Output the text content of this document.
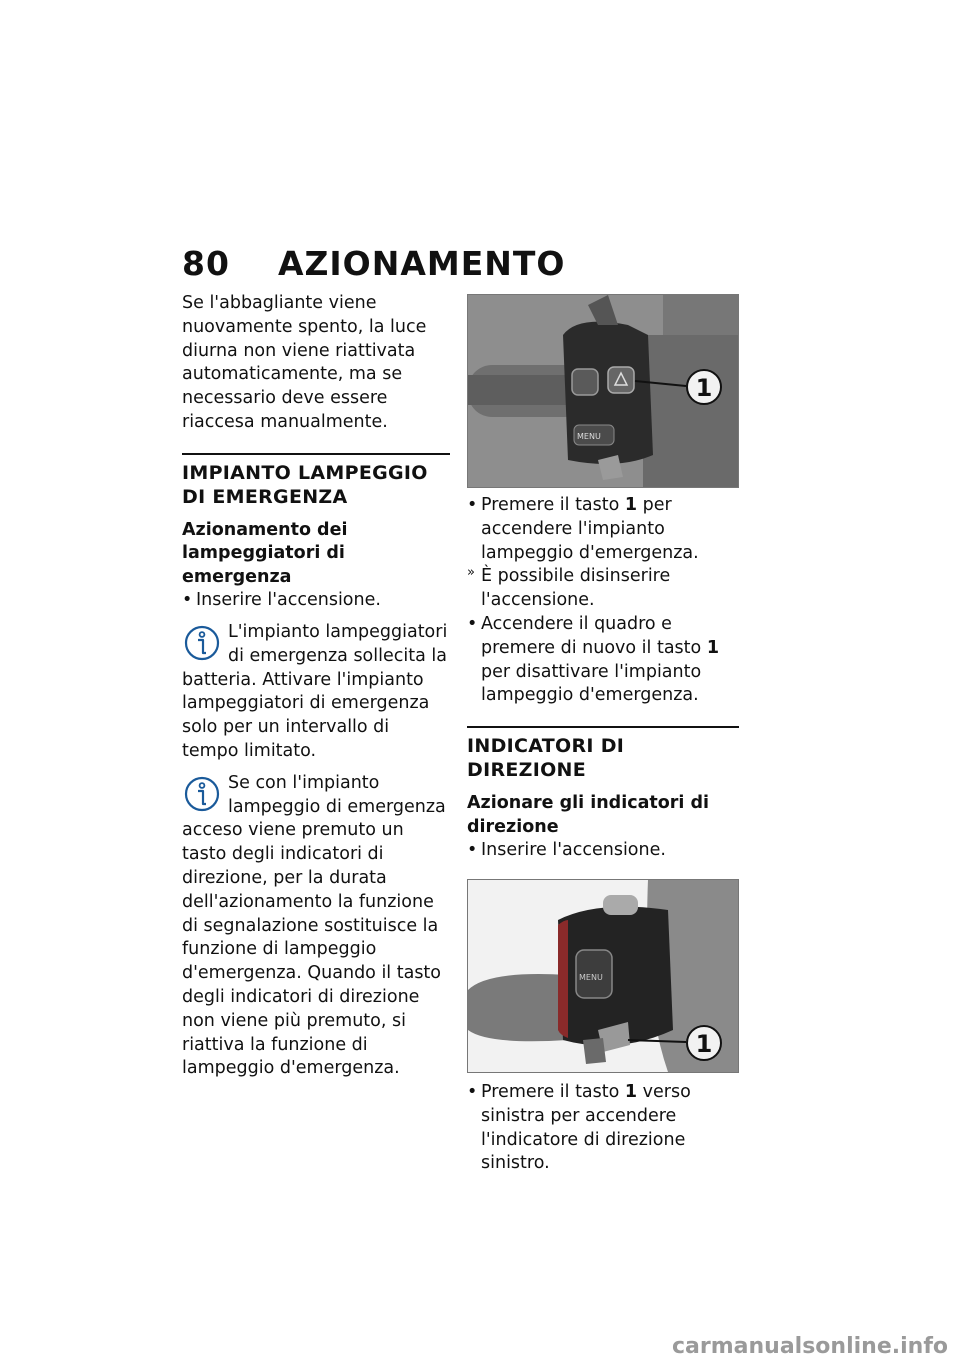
80 AZIONAMENTO

Se l'abbagliante viene nuovamente spento, la luce diurna non viene riattivata automaticamente, ma se necessario deve essere riaccesa manualmente.

IMPIANTO LAMPEGGIO DI EMERGENZA
Azionamento dei lampeggiatori di emergenza
• Inserire l'accensione.

L'impianto lampeggiatori di emergenza sollecita la batteria. Attivare l'impianto lampeggiatori di emergenza solo per un intervallo di tempo limitato.

Se con l'impianto lampeggio di emergenza acceso viene premuto un tasto degli indicatori di direzione, per la durata dell'azionamento la funzione di segnalazione sostituisce la funzione di lampeggio d'emergenza. Quando il tasto degli indicatori di direzione non viene più premuto, si riattiva la funzione di lampeggio d'emergenza.

MENU
1
• Premere il tasto 1 per accendere l'impianto lampeggio d'emergenza.
» È possibile disinserire l'accensione.
• Accendere il quadro e premere di nuovo il tasto 1 per disattivare l'impianto lampeggio d'emergenza.
INDICATORI DI DIREZIONE
Azionare gli indicatori di direzione
• Inserire l'accensione.
MENU
1
• Premere il tasto 1 verso sinistra per accendere l'indicatore di direzione sinistro.
carmanualsonline.info
